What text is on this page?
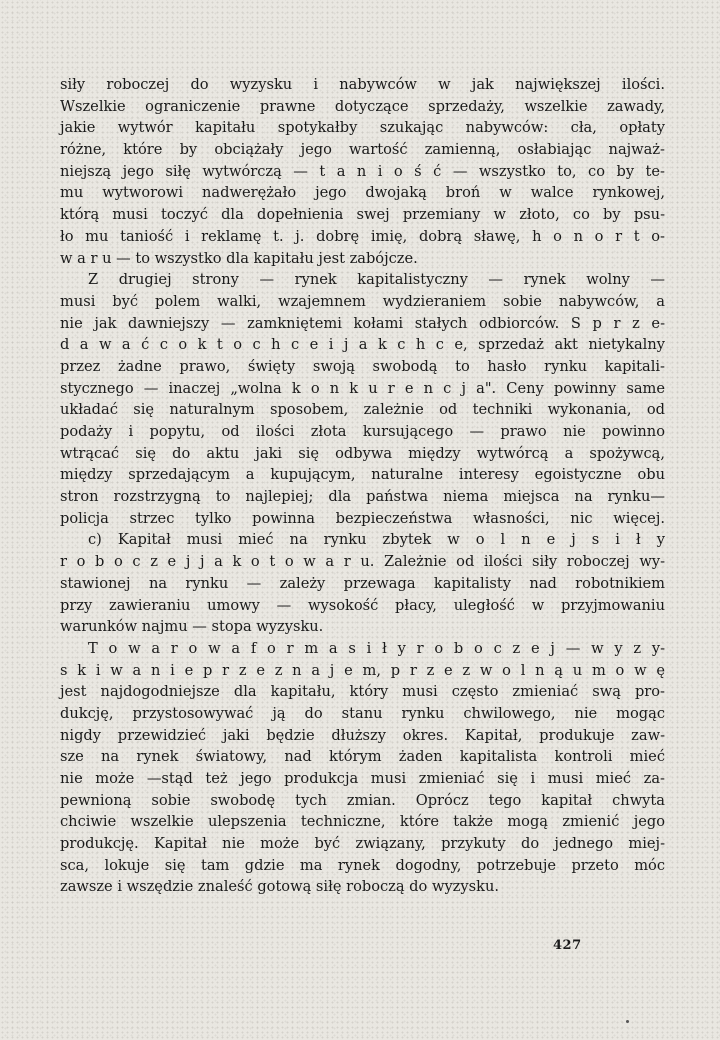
siły roboczej do wyzysku i nabywców w jak największej ilości.
Wszelkie ograniczenie prawne dotyczące sprzedaży, wszelkie zawady,
jakie wytwór kapitału spotykałby szukając nabywców: cła, opłaty
różne, które by obciążały jego wartość zamienną, osłabiając najważ-
niejszą jego siłę wytwórczą — t a n i o ś ć — wszystko to, co by te-
mu wytworowi nadwerężało jego dwojaką broń w walce rynkowej,
którą musi toczyć dla dopełnienia swej przemiany w złoto, co by psu-
ło mu taniość i reklamę t. j. dobrę imię, dobrą sławę, h o n o r t o-
w a r u — to wszystko dla kapitału jest zabójcze.
Z drugiej strony — rynek kapitalistyczny — rynek wolny —
musi być polem walki, wzajemnem wydzieraniem sobie nabywców, a
nie jak dawniejszy — zamkniętemi kołami stałych odbiorców. S p r z e-
d a w a ć c o k t o c h c e i j a k c h c e, sprzedaż akt nietykalny
przez żadne prawo, święty swoją swobodą to hasło rynku kapitali-
stycznego — inaczej „wolna k o n k u r e n c j a". Ceny powinny same
układać się naturalnym sposobem, zależnie od techniki wykonania, od
podaży i popytu, od ilości złota kursującego — prawo nie powinno
wtrącać się do aktu jaki się odbywa między wytwórcą a spożywcą,
między sprzedającym a kupującym, naturalne interesy egoistyczne obu
stron rozstrzygną to najlepiej; dla państwa niema miejsca na rynku—
policja strzec tylko powinna bezpieczeństwa własności, nic więcej.
c) Kapitał musi mieć na rynku zbytek w o l n e j s i ł y
r o b o c z e j j a k o t o w a r u. Zależnie od ilości siły roboczej wy-
stawionej na rynku — zależy przewaga kapitalisty nad robotnikiem
przy zawieraniu umowy — wysokość płacy, uległość w przyjmowaniu
warunków najmu — stopa wyzysku.
T o w a r o w a f o r m a s i ł y r o b o c z e j — w y z y-
s k i w a n i e p r z e z n a j e m, p r z e z w o l n ą u m o w ę
jest najdogodniejsze dla kapitału, który musi często zmieniać swą pro-
dukcję, przystosowywać ją do stanu rynku chwilowego, nie mogąc
nigdy przewidzieć jaki będzie dłuższy okres. Kapitał, produkuje zaw-
sze na rynek światowy, nad którym żaden kapitalista kontroli mieć
nie może —stąd też jego produkcja musi zmieniać się i musi mieć za-
pewnioną sobie swobodę tych zmian. Oprócz tego kapitał chwyta
chciwie wszelkie ulepszenia techniczne, które także mogą zmienić jego
produkcję. Kapitał nie może być związany, przykuty do jednego miej-
sca, lokuje się tam gdzie ma rynek dogodny, potrzebuje przeto móc
zawsze i wszędzie znaleść gotową siłę roboczą do wyzysku.
427
